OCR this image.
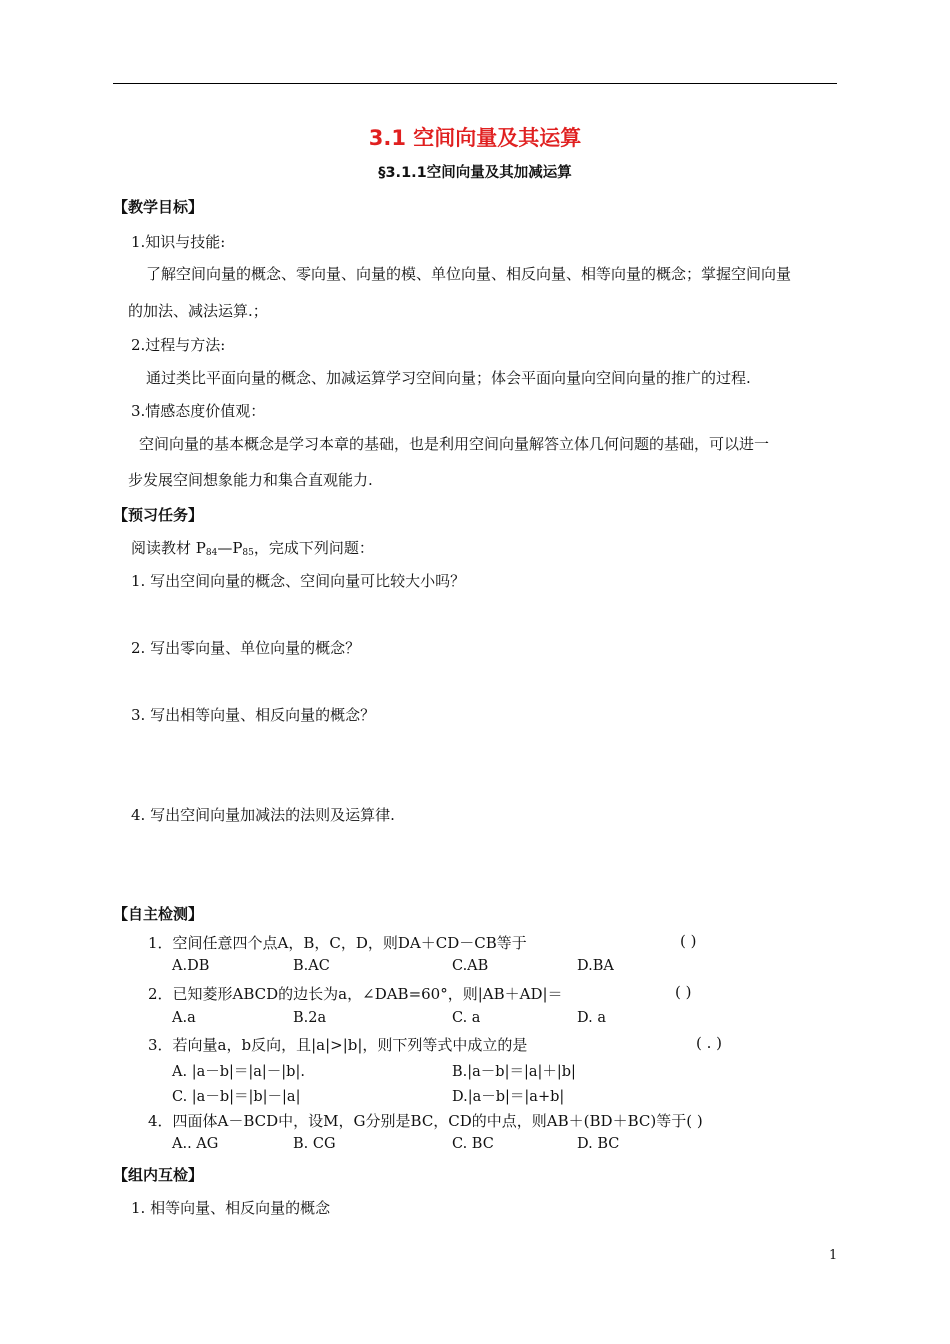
3.1 空间向量及其运算
§3.1.1空间向量及其加减运算
【教学目标】
1.知识与技能:
了解空间向量的概念、零向量、向量的模、单位向量、相反向量、相等向量的概念；掌握空间向量
的加法、减法运算.；
2.过程与方法:
通过类比平面向量的概念、加减运算学习空间向量；体会平面向量向空间向量的推广的过程.
3.情感态度价值观：
空间向量的基本概念是学习本章的基础，也是利用空间向量解答立体几何问题的基础，可以进一
步发展空间想象能力和集合直观能力.
【预习任务】
阅读教材 $P_{84}—P_{85}$，完成下列问题：
1. 写出空间向量的概念、空间向量可比较大小吗？
2. 写出零向量、单位向量的概念？
3. 写出相等向量、相反向量的概念？
4. 写出空间向量加减法的法则及运算律.
【自主检测】
1．空间任意四个点A，B，C，D，则DA＋CD－CB等于	( )
A.DB	B.AC	C.AB	D.BA
2．已知菱形ABCD的边长为a，∠DAB=60°，则|AB＋AD|＝	( )
A.a	B.2a	C. a	D. a
3．若向量a，b反向，且|a|>|b|，则下列等式中成立的是	( . )
A. |a－b|＝|a|－|b|.	B.|a－b|＝|a|＋|b|
C. |a－b|＝|b|－|a|	D.|a－b|＝|a+b|
4．四面体A－BCD中，设M，G分别是BC，CD的中点，则AB＋(BD＋BC)等于( )
A.. AG	B. CG	C. BC	D. BC
【组内互检】
1. 相等向量、相反向量的概念
1
